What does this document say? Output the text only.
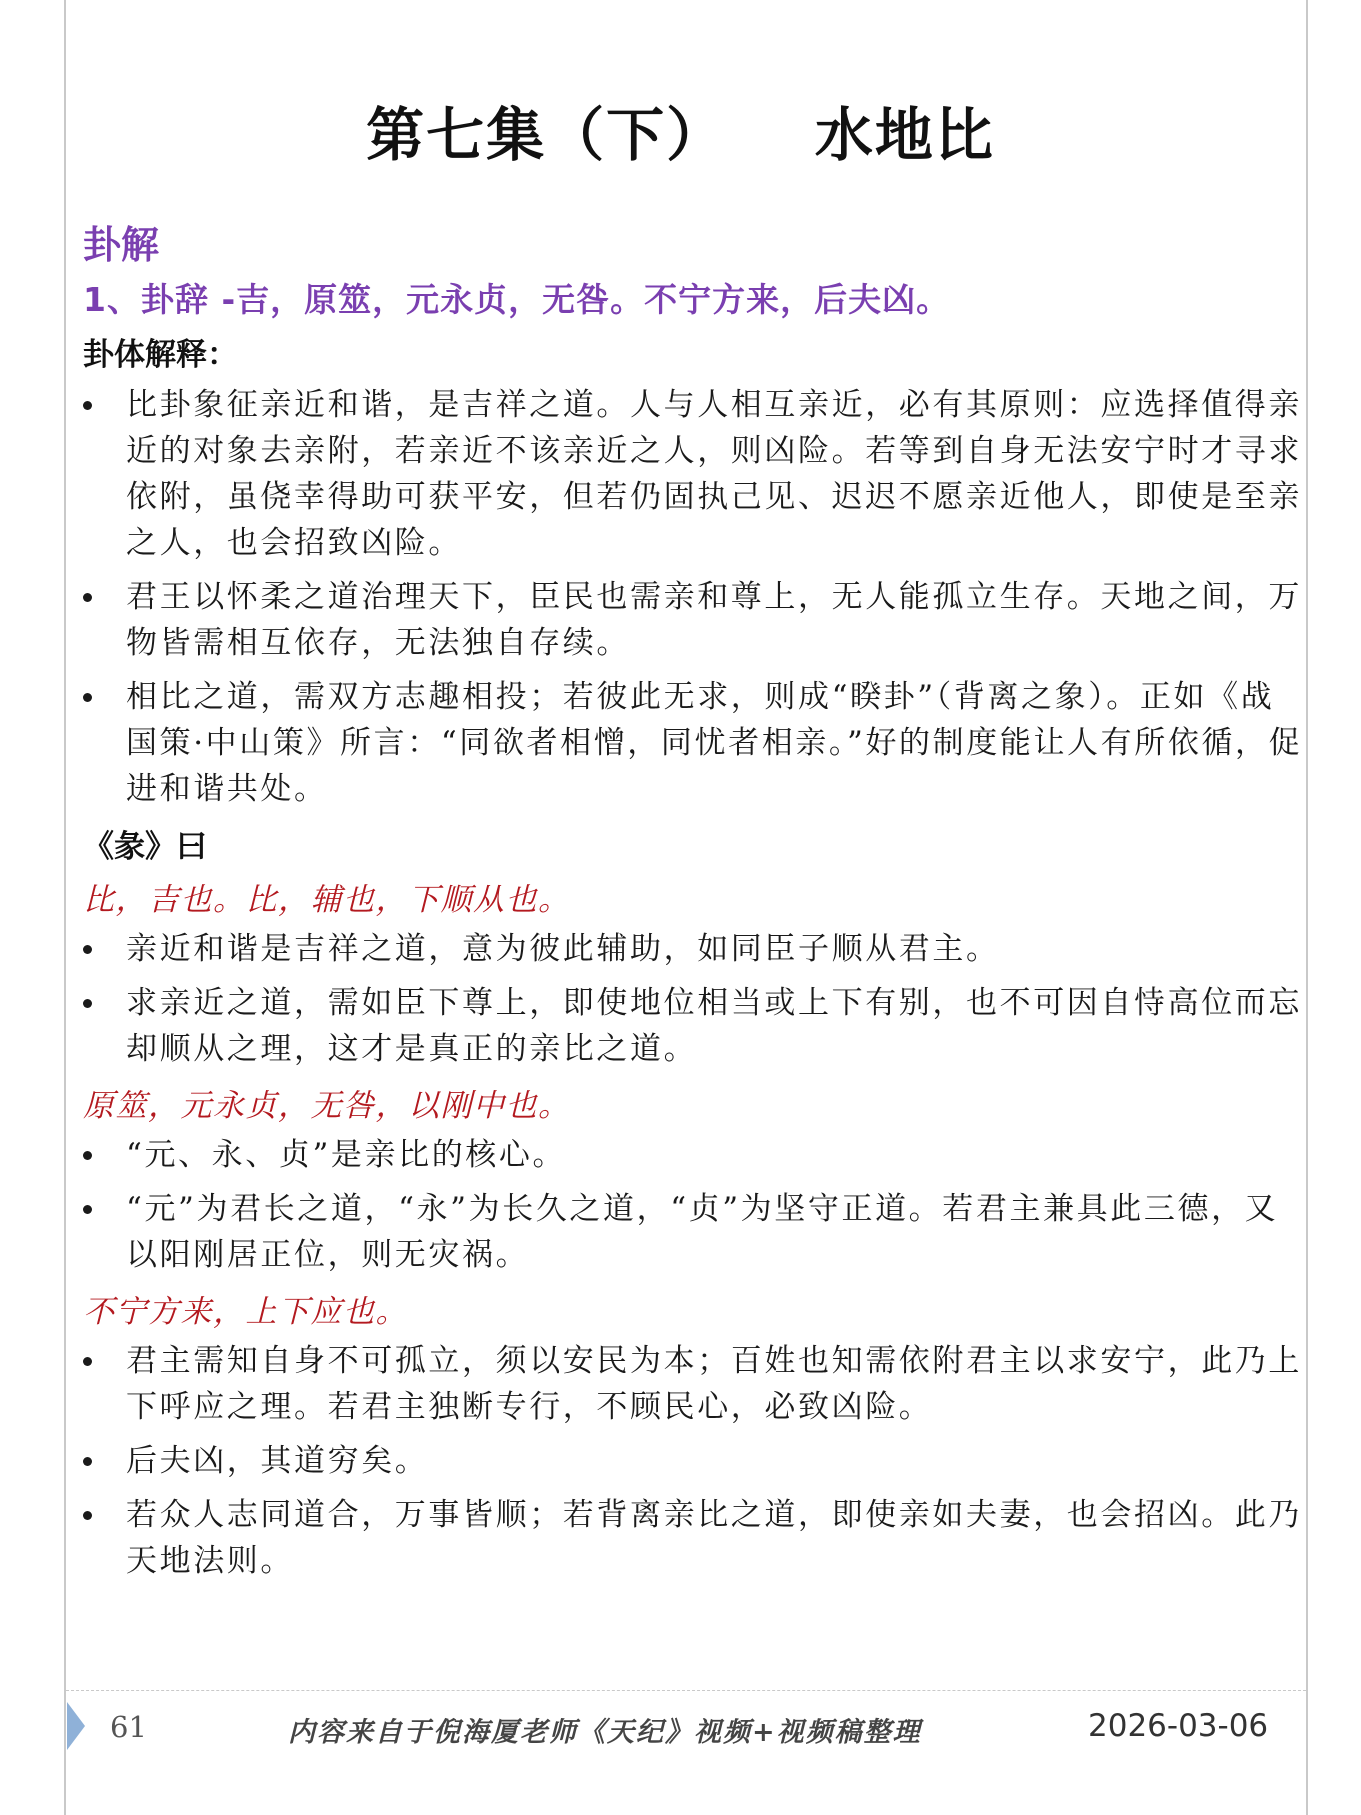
第七集（下）    水地比
卦解
1、卦辞 -吉，原筮，元永贞，无咎。不宁方来，后夫凶。
卦体解释：
比卦象征亲近和谐，是吉祥之道。人与人相互亲近，必有其原则：应选择值得亲近的对象去亲附，若亲近不该亲近之人，则凶险。若等到自身无法安宁时才寻求依附，虽侥幸得助可获平安，但若仍固执己见、迟迟不愿亲近他人，即使是至亲之人，也会招致凶险。
君王以怀柔之道治理天下，臣民也需亲和尊上，无人能孤立生存。天地之间，万物皆需相互依存，无法独自存续。
相比之道，需双方志趣相投；若彼此无求，则成“睽卦”（背离之象）。正如《战国策·中山策》所言：“同欲者相憎，同忧者相亲。”好的制度能让人有所依循，促进和谐共处。
《彖》曰
比，吉也。比，辅也，下顺从也。
亲近和谐是吉祥之道，意为彼此辅助，如同臣子顺从君主。
求亲近之道，需如臣下尊上，即使地位相当或上下有别，也不可因自恃高位而忘却顺从之理，这才是真正的亲比之道。
原筮，元永贞，无咎，以刚中也。
“元、永、贞”是亲比的核心。
“元”为君长之道，“永”为长久之道，“贞”为坚守正道。若君主兼具此三德，又以阳刚居正位，则无灾祸。
不宁方来，上下应也。
君主需知自身不可孤立，须以安民为本；百姓也知需依附君主以求安宁，此乃上下呼应之理。若君主独断专行，不顾民心，必致凶险。
后夫凶，其道穷矣。
若众人志同道合，万事皆顺；若背离亲比之道，即使亲如夫妻，也会招凶。此乃天地法则。
61	内容来自于倪海厦老师《天纪》视频+视频稿整理	2026-03-06
